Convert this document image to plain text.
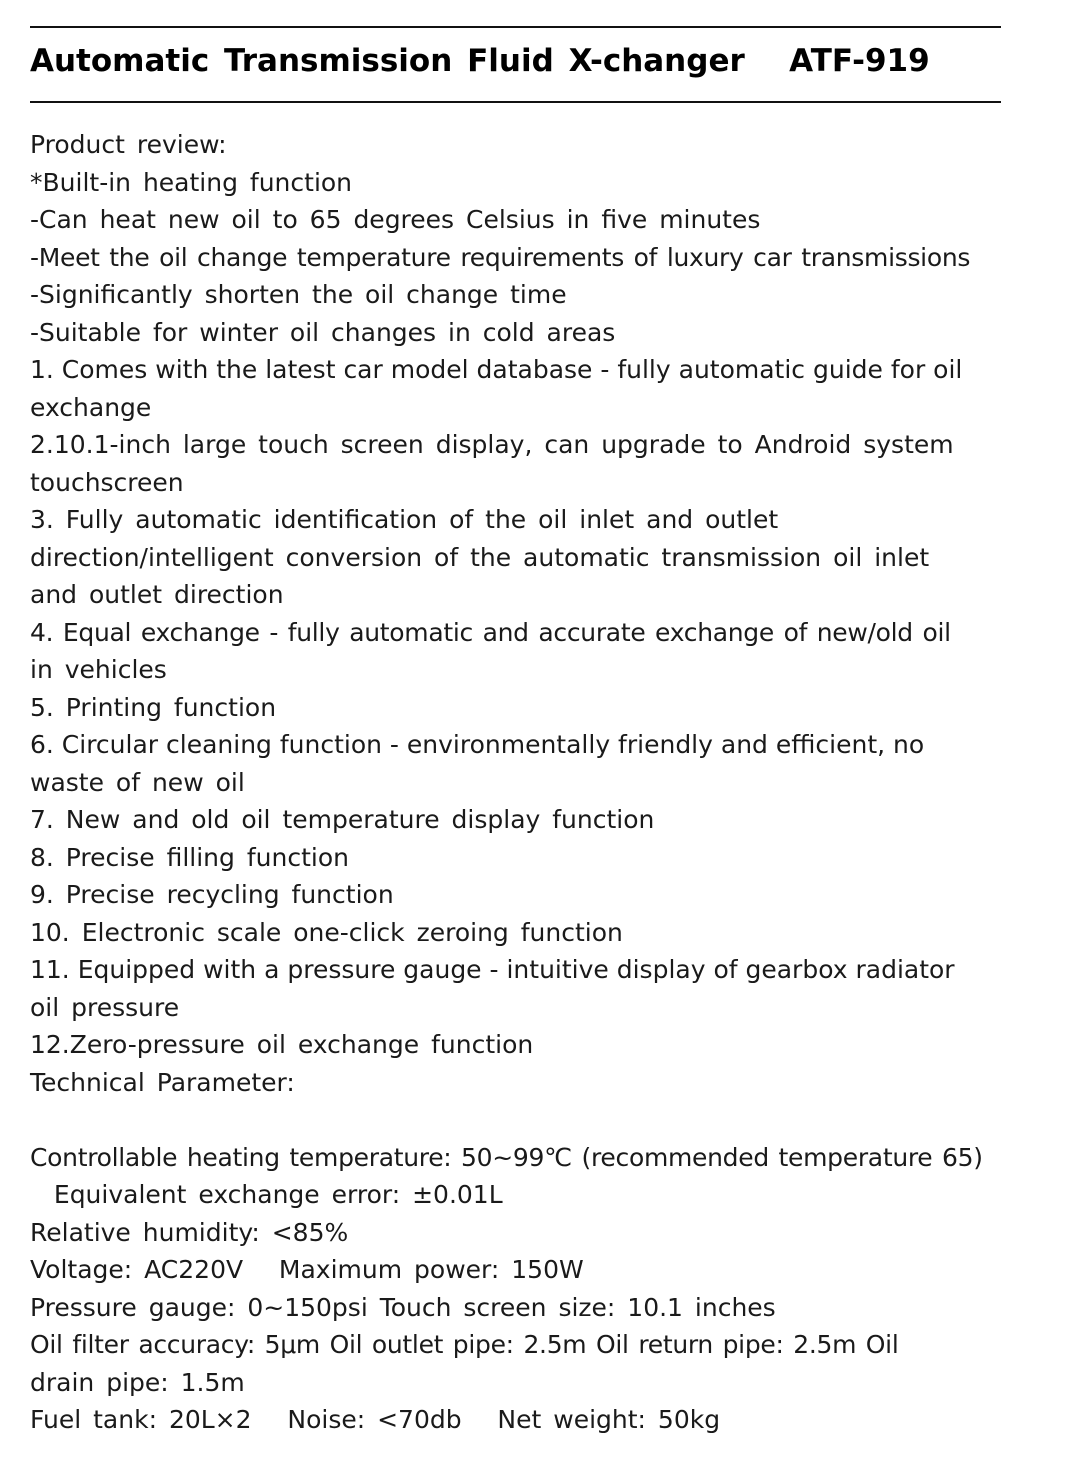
Automatic Transmission Fluid X-changer   ATF-919
Product review:
*Built-in heating function
-Can heat new oil to 65 degrees Celsius in five minutes
-Meet the oil change temperature requirements of luxury car transmissions
-Significantly shorten the oil change time
-Suitable for winter oil changes in cold areas
1. Comes with the latest car model database - fully automatic guide for oil
exchange
2.10.1-inch large touch screen display, can upgrade to Android system
touchscreen
3. Fully automatic identification of the oil inlet and outlet
direction/intelligent conversion of the automatic transmission oil inlet
and outlet direction
4. Equal exchange - fully automatic and accurate exchange of new/old oil
in vehicles
5. Printing function
6. Circular cleaning function - environmentally friendly and efficient, no
waste of new oil
7. New and old oil temperature display function
8. Precise filling function
9. Precise recycling function
10. Electronic scale one-click zeroing function
11. Equipped with a pressure gauge - intuitive display of gearbox radiator
oil pressure
12.Zero-pressure oil exchange function
Technical Parameter:
Controllable heating temperature: 50~99℃ (recommended temperature 65)
Equivalent exchange error: ±0.01L
Relative humidity: <85%
Voltage: AC220V   Maximum power: 150W
Pressure gauge: 0~150psi Touch screen size: 10.1 inches
Oil filter accuracy: 5μm Oil outlet pipe: 2.5m Oil return pipe: 2.5m Oil
drain pipe: 1.5m
Fuel tank: 20L×2   Noise: <70db   Net weight: 50kg
